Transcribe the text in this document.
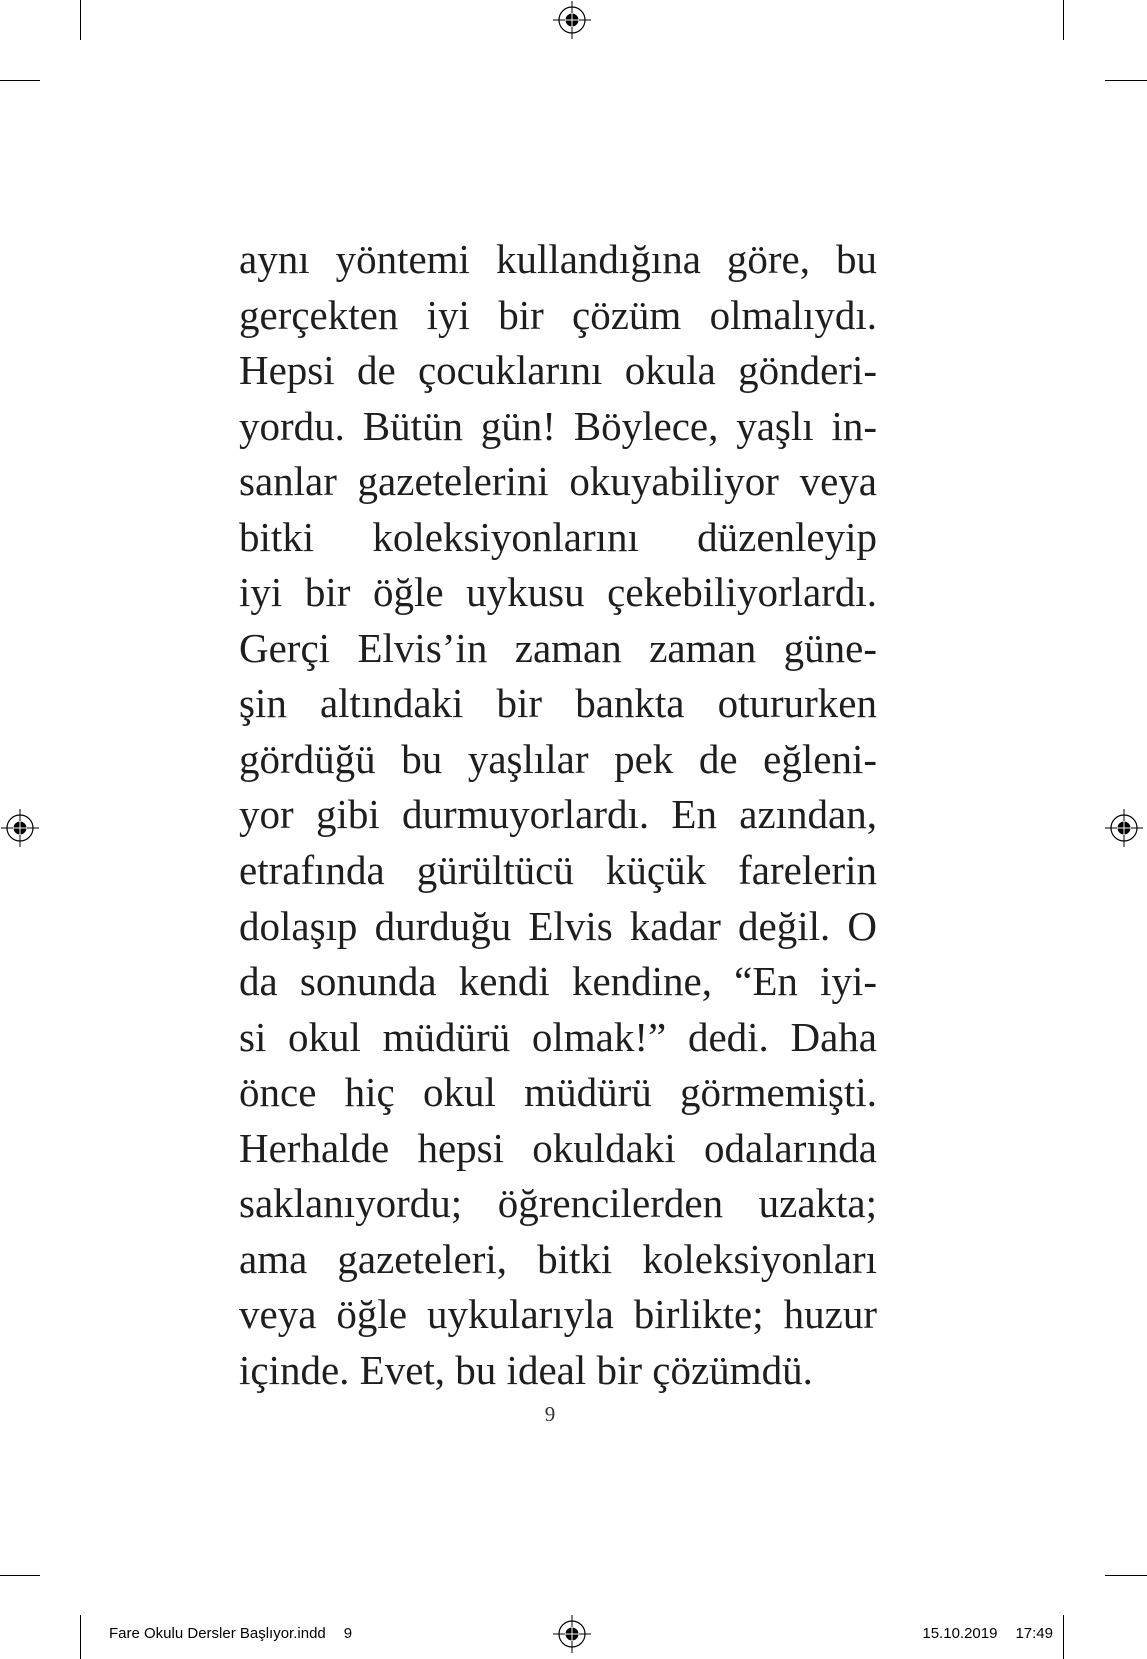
aynı yöntemi kullandığına göre, bu
gerçekten iyi bir çözüm olmalıydı.
Hepsi de çocuklarını okula gönderi-
yordu. Bütün gün! Böylece, yaşlı in-
sanlar gazetelerini okuyabiliyor veya
bitki koleksiyonlarını düzenleyip
iyi bir öğle uykusu çekebiliyorlardı.
Gerçi Elvis’in zaman zaman güne-
şin altındaki bir bankta otururken
gördüğü bu yaşlılar pek de eğleni-
yor gibi durmuyorlardı. En azından,
etrafında gürültücü küçük farelerin
dolaşıp durduğu Elvis kadar değil. O
da sonunda kendi kendine, “En iyi-
si okul müdürü olmak!” dedi. Daha
önce hiç okul müdürü görmemişti.
Herhalde hepsi okuldaki odalarında
saklanıyordu; öğrencilerden uzakta;
ama gazeteleri, bitki koleksiyonları
veya öğle uykularıyla birlikte; huzur
içinde. Evet, bu ideal bir çözümdü.
9
Fare Okulu Dersler Başlıyor.indd 9	15.10.2019 17:49
